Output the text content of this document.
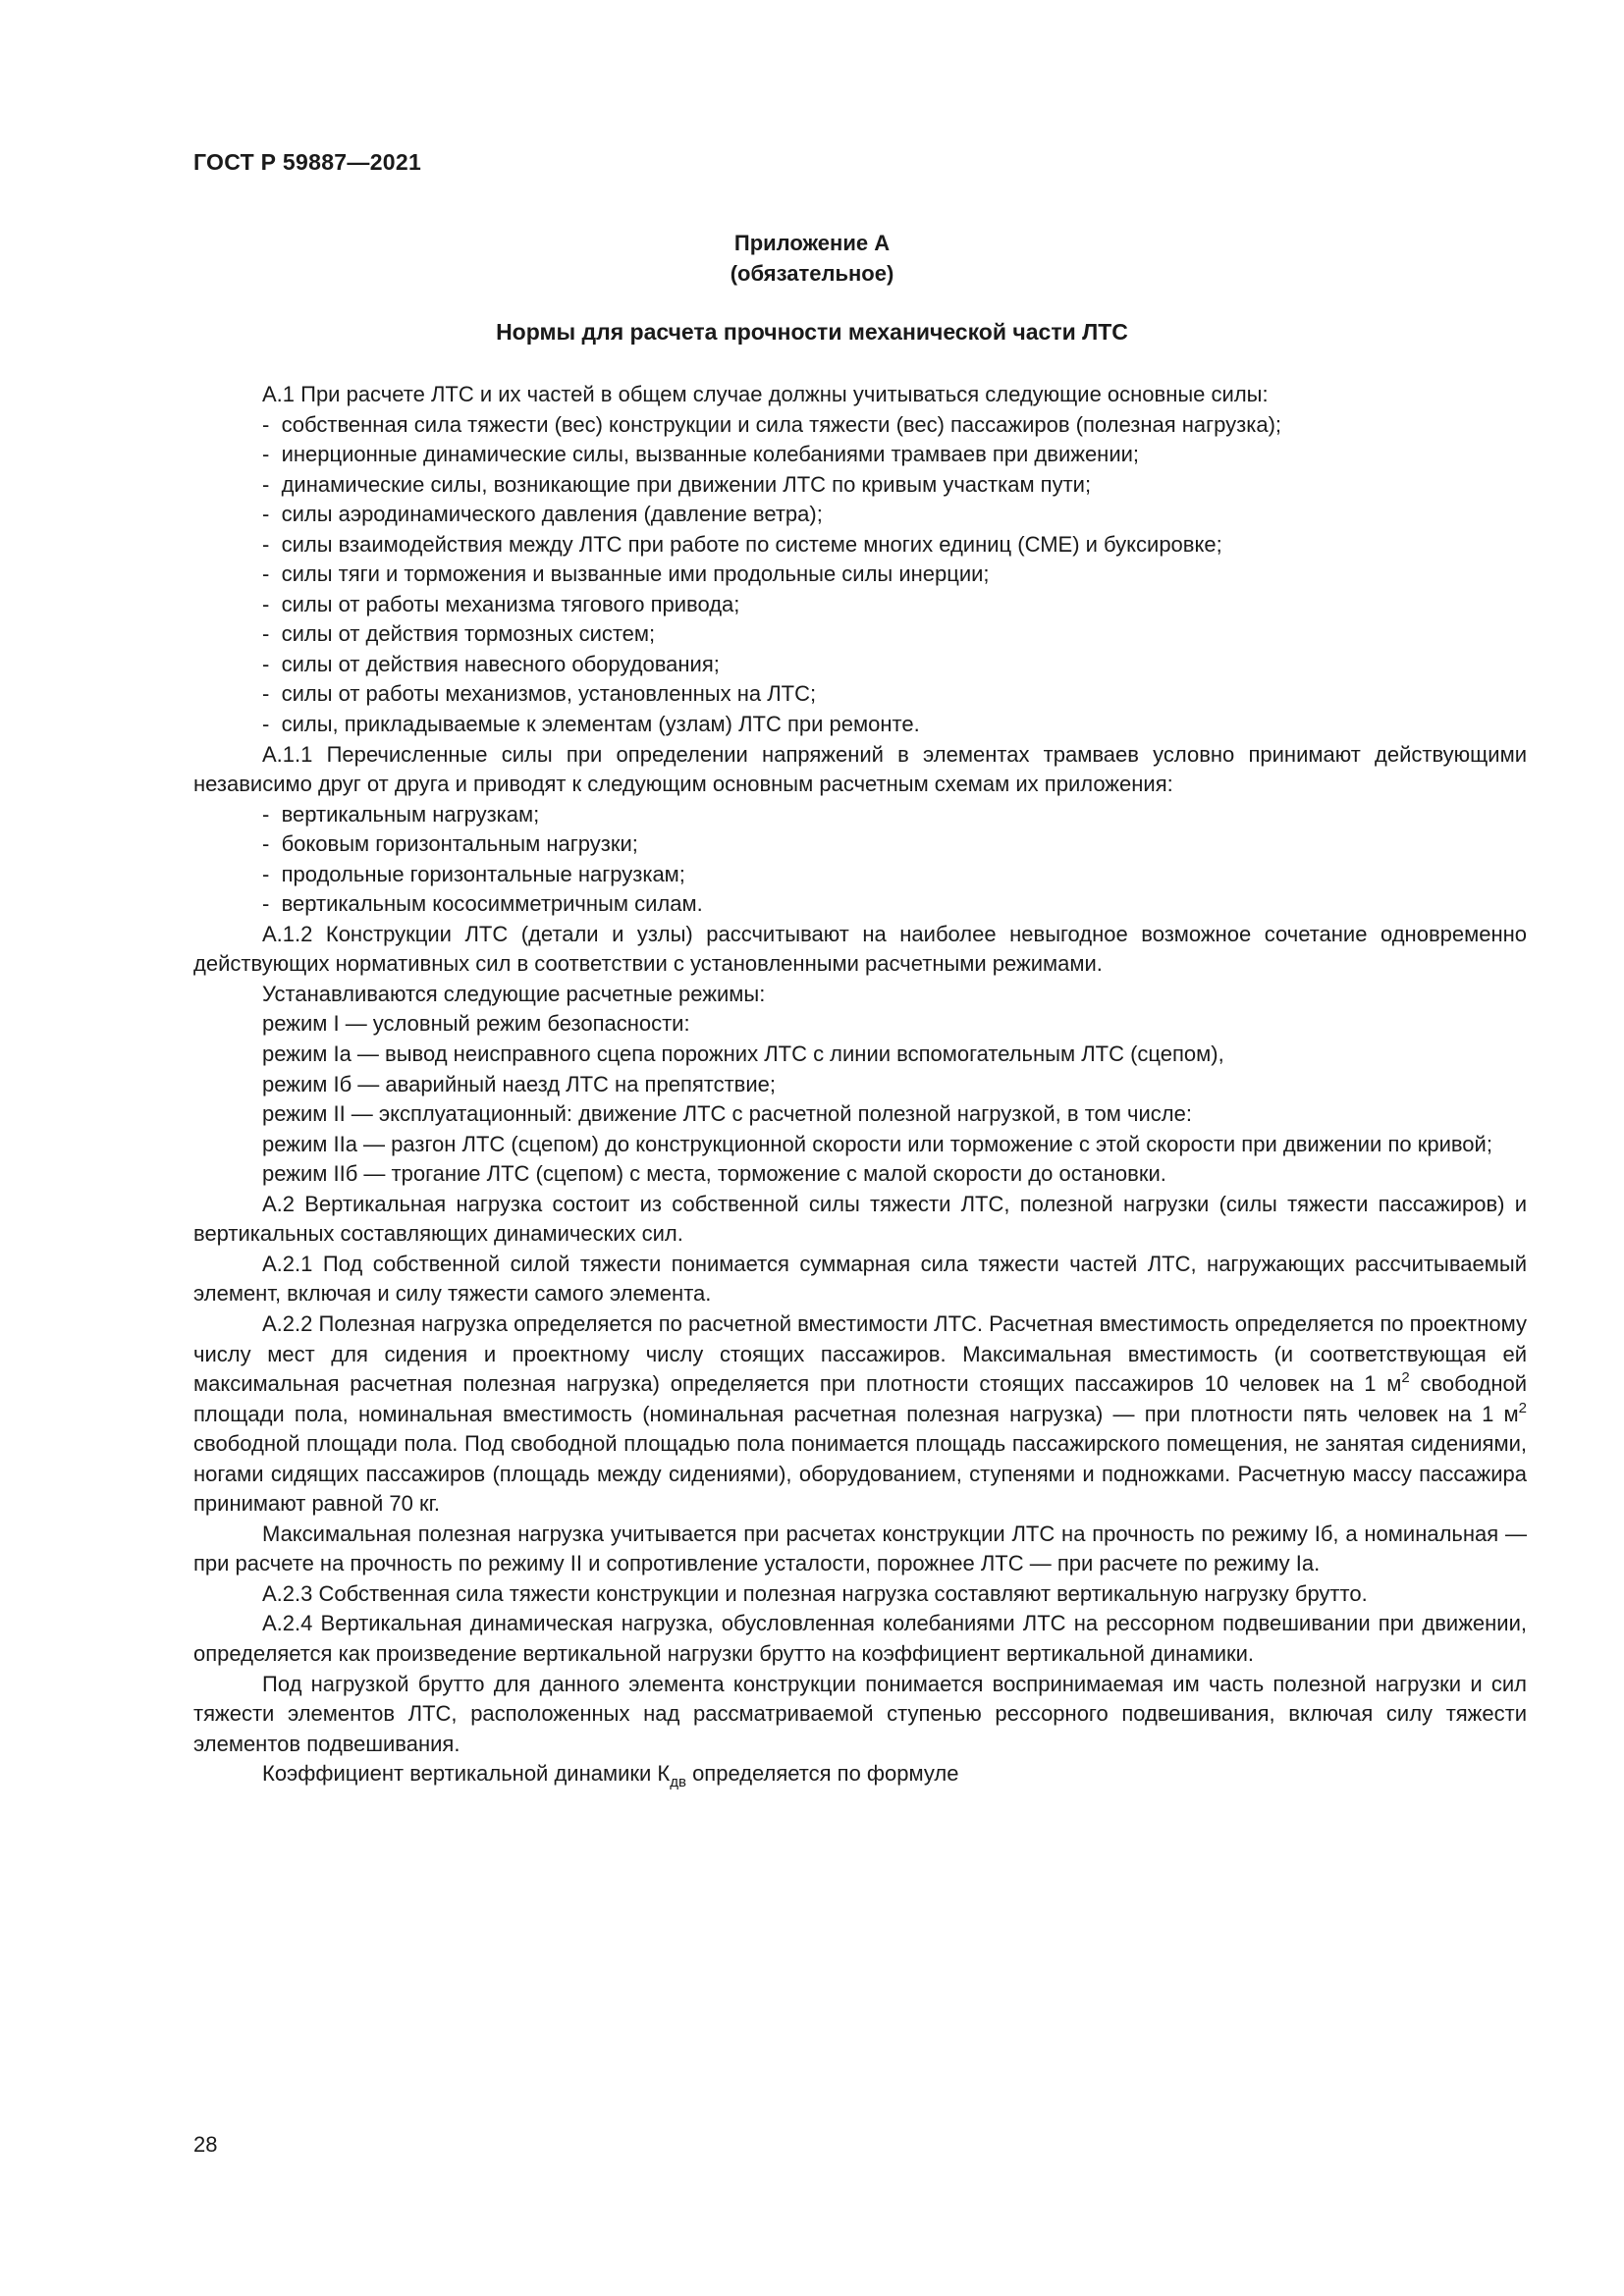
ГОСТ Р 59887—2021
Приложение А
(обязательное)
Нормы для расчета прочности механической части ЛТС

А.1 При расчете ЛТС и их частей в общем случае должны учитываться следующие основные силы:

-  собственная сила тяжести (вес) конструкции и сила тяжести (вес) пассажиров (полезная нагрузка);

-  инерционные динамические силы, вызванные колебаниями трамваев при движении;

-  динамические силы, возникающие при движении ЛТС по кривым участкам пути;

-  силы аэродинамического давления (давление ветра);

-  силы взаимодействия между ЛТС при работе по системе многих единиц (СМЕ) и буксировке;

-  силы тяги и торможения и вызванные ими продольные силы инерции;

-  силы от работы механизма тягового привода;

-  силы от действия тормозных систем;

-  силы от действия навесного оборудования;

-  силы от работы механизмов, установленных на ЛТС;

-  силы, прикладываемые к элементам (узлам) ЛТС при ремонте.

А.1.1 Перечисленные силы при определении напряжений в элементах трамваев условно принимают действующими независимо друг от друга и приводят к следующим основным расчетным схемам их приложения:

-  вертикальным нагрузкам;

-  боковым горизонтальным нагрузки;

-  продольные горизонтальные нагрузкам;

-  вертикальным кососимметричным силам.

А.1.2 Конструкции ЛТС (детали и узлы) рассчитывают на наиболее невыгодное возможное сочетание одновременно действующих нормативных сил в соответствии с установленными расчетными режимами.

Устанавливаются следующие расчетные режимы:

режим I — условный режим безопасности:

режим Iа — вывод неисправного сцепа порожних ЛТС с линии вспомогательным ЛТС (сцепом),

режим Iб — аварийный наезд ЛТС на препятствие;

режим II — эксплуатационный: движение ЛТС с расчетной полезной нагрузкой, в том числе:

режим IIа — разгон ЛТС (сцепом) до конструкционной скорости или торможение с этой скорости при движении по кривой;

режим IIб — трогание ЛТС (сцепом) с места, торможение с малой скорости до остановки.

А.2 Вертикальная нагрузка состоит из собственной силы тяжести ЛТС, полезной нагрузки (силы тяжести пассажиров) и вертикальных составляющих динамических сил.

А.2.1 Под собственной силой тяжести понимается суммарная сила тяжести частей ЛТС, нагружающих рассчитываемый элемент, включая и силу тяжести самого элемента.

А.2.2 Полезная нагрузка определяется по расчетной вместимости ЛТС. Расчетная вместимость определяется по проектному числу мест для сидения и проектному числу стоящих пассажиров. Максимальная вместимость (и соответствующая ей максимальная расчетная полезная нагрузка) определяется при плотности стоящих пассажиров 10 человек на 1 $м^2$ свободной площади пола, номинальная вместимость (номинальная расчетная полезная нагрузка) — при плотности пять человек на 1 $м^2$ свободной площади пола. Под свободной площадью пола понимается площадь пассажирского помещения, не занятая сидениями, ногами сидящих пассажиров (площадь между сидениями), оборудованием, ступенями и подножками. Расчетную массу пассажира принимают равной 70 кг.

Максимальная полезная нагрузка учитывается при расчетах конструкции ЛТС на прочность по режиму Iб, а номинальная — при расчете на прочность по режиму II и сопротивление усталости, порожнее ЛТС — при расчете по режиму Iа.

А.2.3 Собственная сила тяжести конструкции и полезная нагрузка составляют вертикальную нагрузку брутто.

А.2.4 Вертикальная динамическая нагрузка, обусловленная колебаниями ЛТС на рессорном подвешивании при движении, определяется как произведение вертикальной нагрузки брутто на коэффициент вертикальной динамики.

Под нагрузкой брутто для данного элемента конструкции понимается воспринимаемая им часть полезной нагрузки и сил тяжести элементов ЛТС, расположенных над рассматриваемой ступенью рессорного подвешивания, включая силу тяжести элементов подвешивания.

Коэффициент вертикальной динамики $К_{дв}$ определяется по формуле

28
